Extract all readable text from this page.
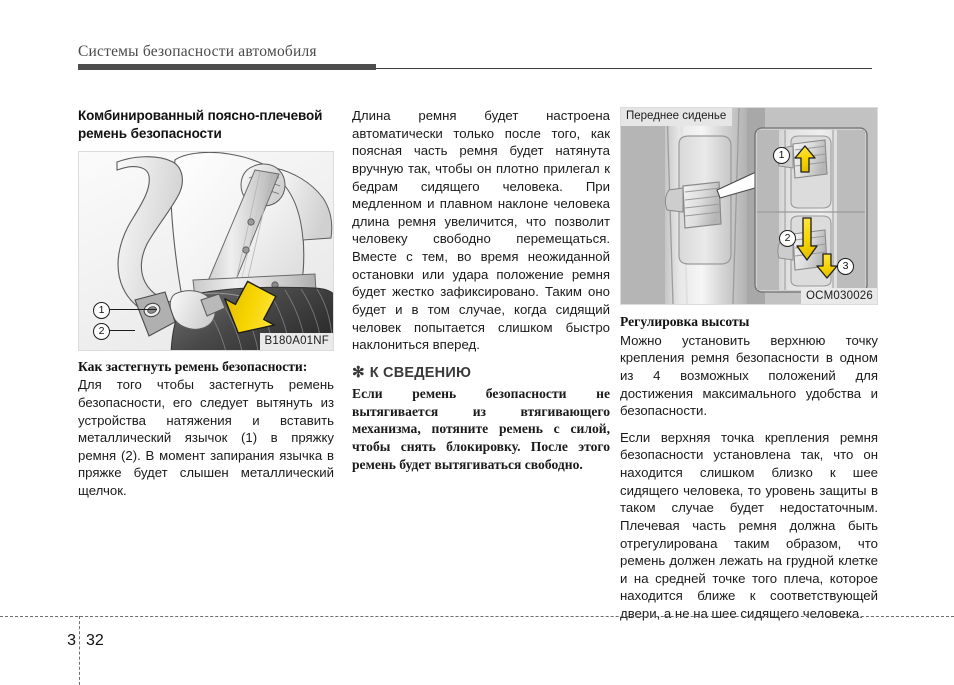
Системы безопасности автомобиля
Комбинированный поясно-плечевой ремень безопасности
1
2
B180A01NF
Как застегнуть ремень безопасности:

Для того чтобы застегнуть ремень безопасности, его следует вытянуть из устройства натяжения и вставить металлический язычок (1) в пряжку ремня (2). В момент запирания язычка в пряжке будет слышен металлический щелчок.

Длина ремня будет настроена автоматически только после того, как поясная часть ремня будет натянута вручную так, чтобы он плотно прилегал к бедрам сидящего человека. При медленном и плавном наклоне человека длина ремня увеличится, что позволит человеку свободно перемещаться. Вместе с тем, во время неожиданной остановки или удара положение ремня будет жестко зафиксировано. Таким оно будет и в том случае, когда сидящий человек попытается слишком быстро наклониться вперед.

✻ К СВЕДЕНИЮ

Если ремень безопасности не вытягивается из втягивающего механизма, потяните ремень с силой, чтобы снять блокировку. После этого ремень будет вытягиваться свободно.

Переднее сиденье
1
2
3
OCM030026
Регулировка высоты

Можно установить верхнюю точку крепления ремня безопасности в одном из 4 возможных положений для достижения максимального удобства и безопасности.

Если верхняя точка крепления ремня безопасности установлена так, что он находится слишком близко к шее сидящего человека, то уровень защиты в таком случае будет недостаточным. Плечевая часть ремня должна быть отрегулирована таким образом, что ремень должен лежать на грудной клетке и на средней точке того плеча, которое находится ближе к соответствующей двери, а не на шее сидящего человека.

3 32
